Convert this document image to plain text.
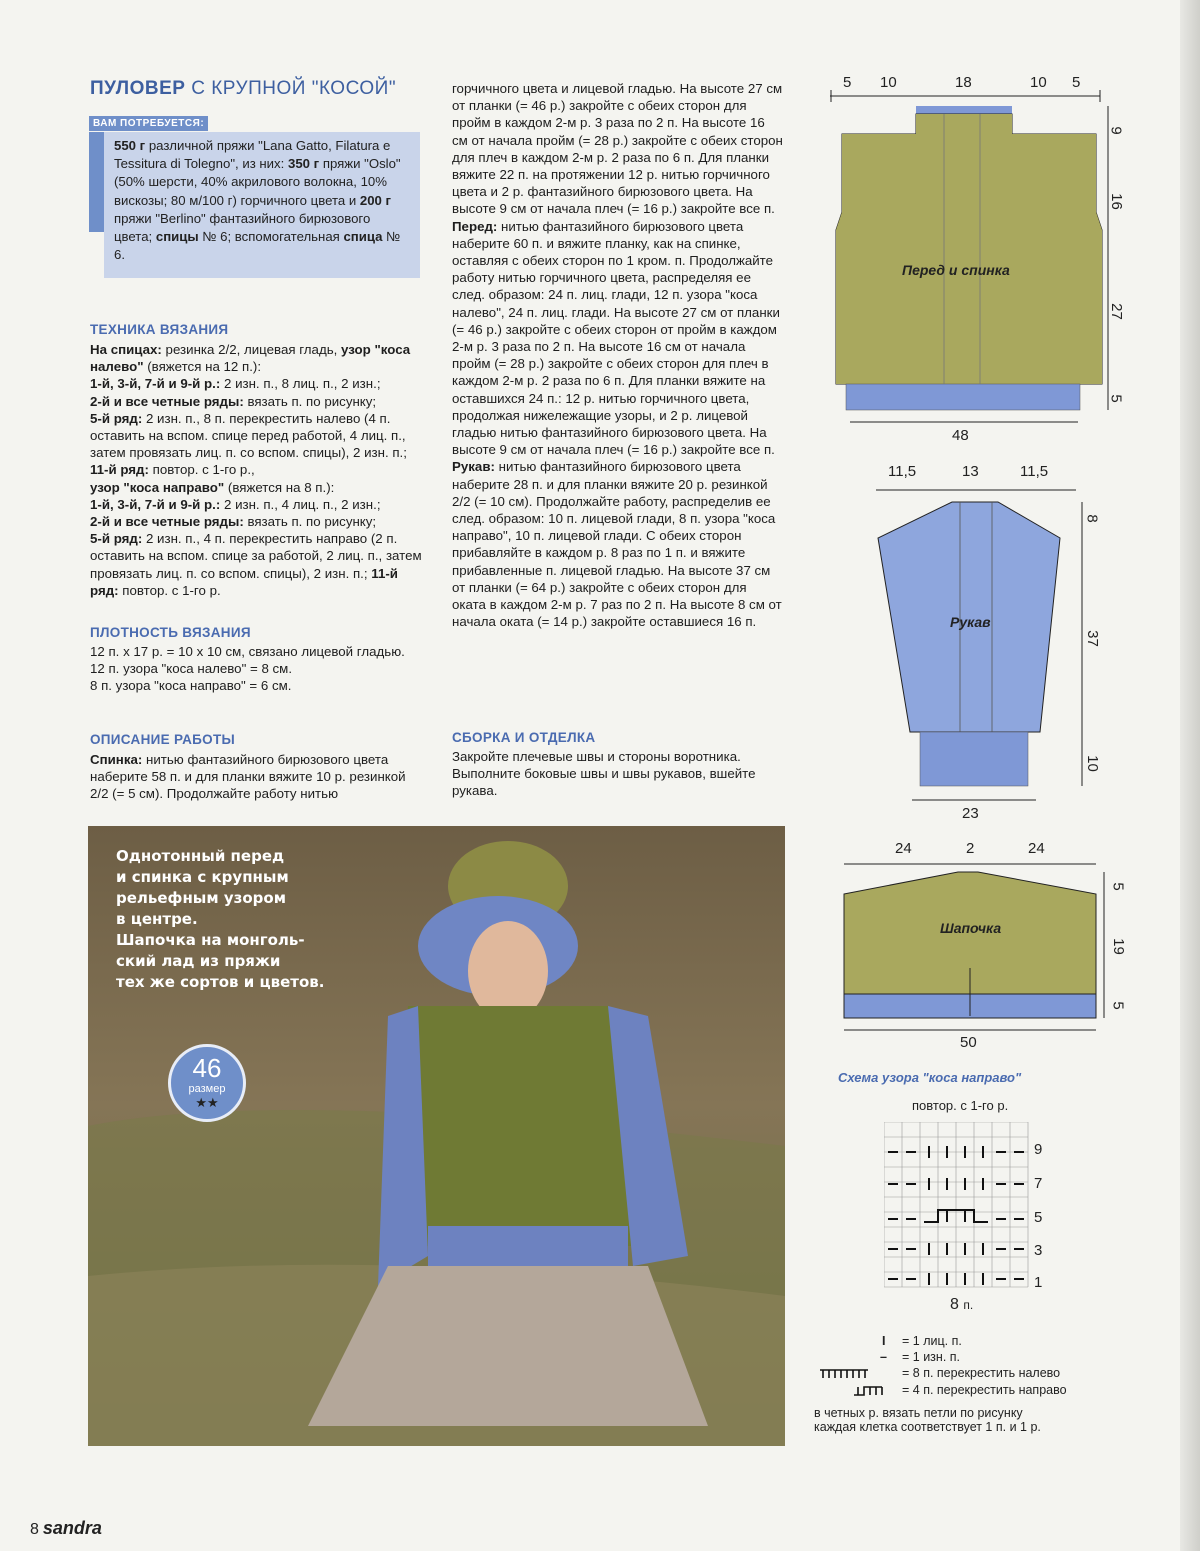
ПУЛОВЕР С КРУПНОЙ "КОСОЙ"
ВАМ ПОТРЕБУЕТСЯ:
550 г различной пряжи "Lana Gatto, Filatura e Tessitura di Tolegno", из них: 350 г пряжи "Oslo" (50% шерсти, 40% акрилового волокна, 10% вискозы; 80 м/100 г) горчичного цвета и 200 г пряжи "Berlino" фантазийного бирюзового цвета; спицы № 6; вспомогательная спица № 6.
ТЕХНИКА ВЯЗАНИЯ
На спицах: резинка 2/2, лицевая гладь, узор "коса налево" (вяжется на 12 п.):
1-й, 3-й, 7-й и 9-й р.: 2 изн. п., 8 лиц. п., 2 изн.;
2-й и все четные ряды: вязать п. по рисунку;
5-й ряд: 2 изн. п., 8 п. перекрестить налево (4 п. оставить на вспом. спице перед работой, 4 лиц. п., затем провязать лиц. п. со вспом. спицы), 2 изн. п.; 11-й ряд: повтор. с 1-го р.,
узор "коса направо" (вяжется на 8 п.):
1-й, 3-й, 7-й и 9-й р.: 2 изн. п., 4 лиц. п., 2 изн.;
2-й и все четные ряды: вязать п. по рисунку;
5-й ряд: 2 изн. п., 4 п. перекрестить направо (2 п. оставить на вспом. спице за работой, 2 лиц. п., затем провязать лиц. п. со вспом. спицы), 2 изн. п.; 11-й ряд: повтор. с 1-го р.
ПЛОТНОСТЬ ВЯЗАНИЯ
12 п. х 17 р. = 10 х 10 см, связано лицевой гладью.
12 п. узора "коса налево" = 8 см.
8 п. узора "коса направо" = 6 см.
ОПИСАНИЕ РАБОТЫ
Спинка: нитью фантазийного бирюзового цвета наберите 58 п. и для планки вяжите 10 р. резинкой 2/2 (= 5 см). Продолжайте работу нитью
горчичного цвета и лицевой гладью. На высоте 27 см от планки (= 46 р.) закройте с обеих сторон для пройм в каждом 2-м р. 3 раза по 2 п. На высоте 16 см от начала пройм (= 28 р.) закройте с обеих сторон для плеч в каждом 2-м р. 2 раза по 6 п. Для планки вяжите 22 п. на протяжении 12 р. нитью горчичного цвета и 2 р. фантазийного бирюзового цвета. На высоте 9 см от начала плеч (= 16 р.) закройте все п.
Перед: нитью фантазийного бирюзового цвета наберите 60 п. и вяжите планку, как на спинке, оставляя с обеих сторон по 1 кром. п. Продолжайте работу нитью горчичного цвета, распределяя ее след. образом: 24 п. лиц. глади, 12 п. узора "коса налево", 24 п. лиц. глади. На высоте 27 см от планки (= 46 р.) закройте с обеих сторон от пройм в каждом 2-м р. 3 раза по 2 п. На высоте 16 см от начала пройм (= 28 р.) закройте с обеих сторон для плеч в каждом 2-м р. 2 раза по 6 п. Для планки вяжите на оставшихся 24 п.: 12 р. нитью горчичного цвета, продолжая нижележащие узоры, и 2 р. лицевой гладью нитью фантазийного бирюзового цвета. На высоте 9 см от начала плеч (= 16 р.) закройте все п.
Рукав: нитью фантазийного бирюзового цвета наберите 28 п. и для планки вяжите 20 р. резинкой 2/2 (= 10 см). Продолжайте работу, распределив ее след. образом: 10 п. лицевой глади, 8 п. узора "коса направо", 10 п. лицевой глади. С обеих сторон прибавляйте в каждом р. 8 раз по 1 п. и вяжите прибавленные п. лицевой гладью. На высоте 37 см от планки (= 64 р.) закройте с обеих сторон для оката в каждом 2-м р. 7 раз по 2 п. На высоте 8 см от начала оката (= 14 р.) закройте оставшиеся 16 п.
СБОРКА И ОТДЕЛКА
Закройте плечевые швы и стороны воротника. Выполните боковые швы и швы рукавов, вшейте рукава.
Однотонный перед
и спинка с крупным
рельефным узором
в центре.
Шапочка на монголь-
ский лад из пряжи
тех же сортов и цветов.
46
размер
★★
5 10	18	10 5
9
16
27
5
48
Перед и спинка
11,5	13	11,5
8
37
10
23
Рукав
24	2	24
5
19
5
50
Шапочка
Схема узора "коса направо"
повтор. с 1-го р.
9
7
5
3
1
8 п.
I = 1 лиц. п.
– = 1 изн. п.
= 8 п. перекрестить налево
= 4 п. перекрестить направо
в четных р. вязать петли по рисунку
каждая клетка соответствует 1 п. и 1 р.
8 sandra
